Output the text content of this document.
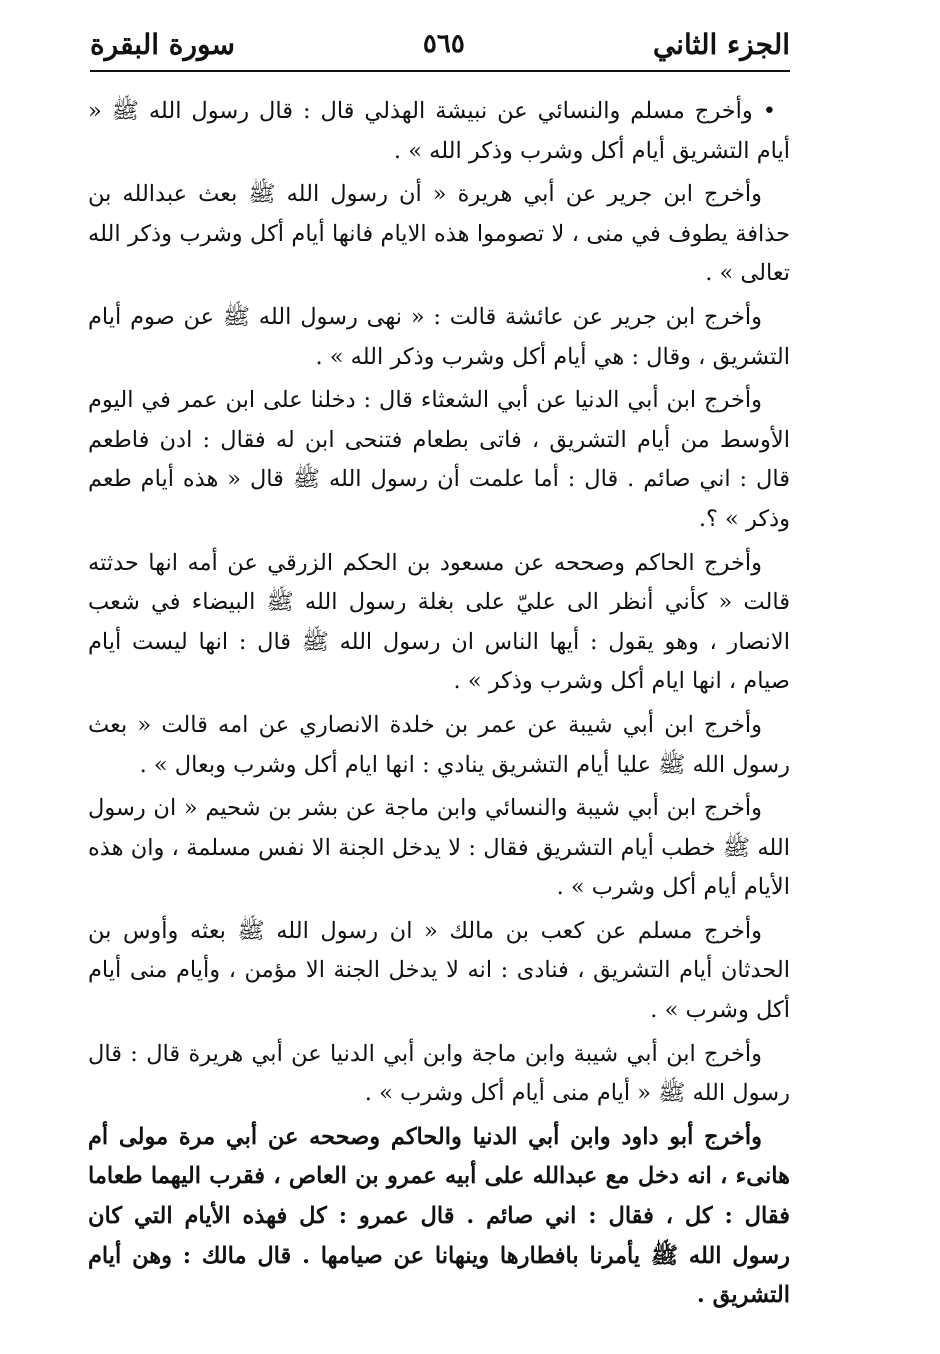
الجزء الثاني
٥٦٥
سورة البقرة

• وأخرج مسلم والنسائي عن نبيشة الهذلي قال : قال رسول الله ﷺ « أيام التشريق أيام أكل وشرب وذكر الله » .

وأخرج ابن جرير عن أبي هريرة « أن رسول الله ﷺ بعث عبدالله بن حذافة يطوف في منى ، لا تصوموا هذه الايام فانها أيام أكل وشرب وذكر الله تعالى » .

وأخرج ابن جرير عن عائشة قالت : « نهى رسول الله ﷺ عن صوم أيام التشريق ، وقال : هي أيام أكل وشرب وذكر الله » .

وأخرج ابن أبي الدنيا عن أبي الشعثاء قال : دخلنا على ابن عمر في اليوم الأوسط من أيام التشريق ، فاتى بطعام فتنحى ابن له فقال : ادن فاطعم قال : اني صائم . قال : أما علمت أن رسول الله ﷺ قال « هذه أيام طعم وذكر » ؟.

وأخرج الحاكم وصححه عن مسعود بن الحكم الزرقي عن أمه انها حدثته قالت « كأني أنظر الى عليّ على بغلة رسول الله ﷺ البيضاء في شعب الانصار ، وهو يقول : أيها الناس ان رسول الله ﷺ قال : انها ليست أيام صيام ، انها ايام أكل وشرب وذكر » .

وأخرج ابن أبي شيبة عن عمر بن خلدة الانصاري عن امه قالت « بعث رسول الله ﷺ عليا أيام التشريق ينادي : انها ايام أكل وشرب وبعال » .

وأخرج ابن أبي شيبة والنسائي وابن ماجة عن بشر بن شحيم « ان رسول الله ﷺ خطب أيام التشريق فقال : لا يدخل الجنة الا نفس مسلمة ، وان هذه الأيام أيام أكل وشرب » .

وأخرج مسلم عن كعب بن مالك « ان رسول الله ﷺ بعثه وأوس بن الحدثان أيام التشريق ، فنادى : انه لا يدخل الجنة الا مؤمن ، وأيام منى أيام أكل وشرب » .

وأخرج ابن أبي شيبة وابن ماجة وابن أبي الدنيا عن أبي هريرة قال : قال رسول الله ﷺ « أيام منى أيام أكل وشرب » .

وأخرج أبو داود وابن أبي الدنيا والحاكم وصححه عن أبي مرة مولى أم هانىء ، انه دخل مع عبدالله على أبيه عمرو بن العاص ، فقرب اليهما طعاما فقال : كل ، فقال : اني صائم . قال عمرو : كل فهذه الأيام التي كان رسول الله ﷺ يأمرنا بافطارها وينهانا عن صيامها . قال مالك : وهن أيام التشريق .
